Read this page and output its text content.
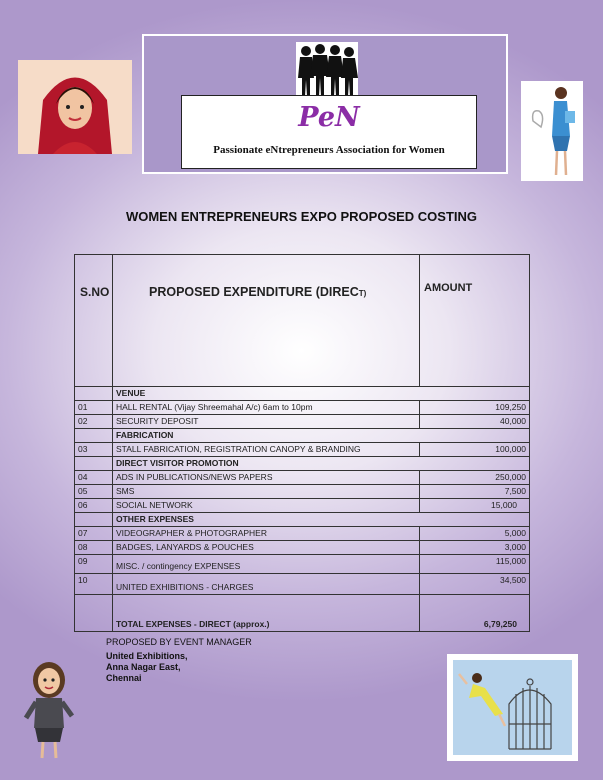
PeN
Passionate eNtrepreneurs Association for Women
WOMEN ENTREPRENEURS EXPO PROPOSED COSTING
S.NO	PROPOSED EXPENDITURE (DIRECT)	AMOUNT
	VENUE	
01	HALL RENTAL (Vijay Shreemahal A/c) 6am to 10pm	109,250
02	SECURITY DEPOSIT	40,000
	FABRICATION	
03	STALL FABRICATION, REGISTRATION CANOPY & BRANDING	100,000
	DIRECT VISITOR PROMOTION	
04	ADS IN PUBLICATIONS/NEWS PAPERS	250,000
05	SMS	7,500
06	SOCIAL NETWORK	15,000
	OTHER EXPENSES	
07	VIDEOGRAPHER & PHOTOGRAPHER	5,000
08	BADGES, LANYARDS & POUCHES	3,000
09	MISC. / contingency EXPENSES	115,000
10	UNITED EXHIBITIONS - CHARGES	34,500
	TOTAL EXPENSES - DIRECT (approx.)	6,79,250
PROPOSED BY EVENT MANAGER
United Exhibitions,
Anna Nagar East,
Chennai
